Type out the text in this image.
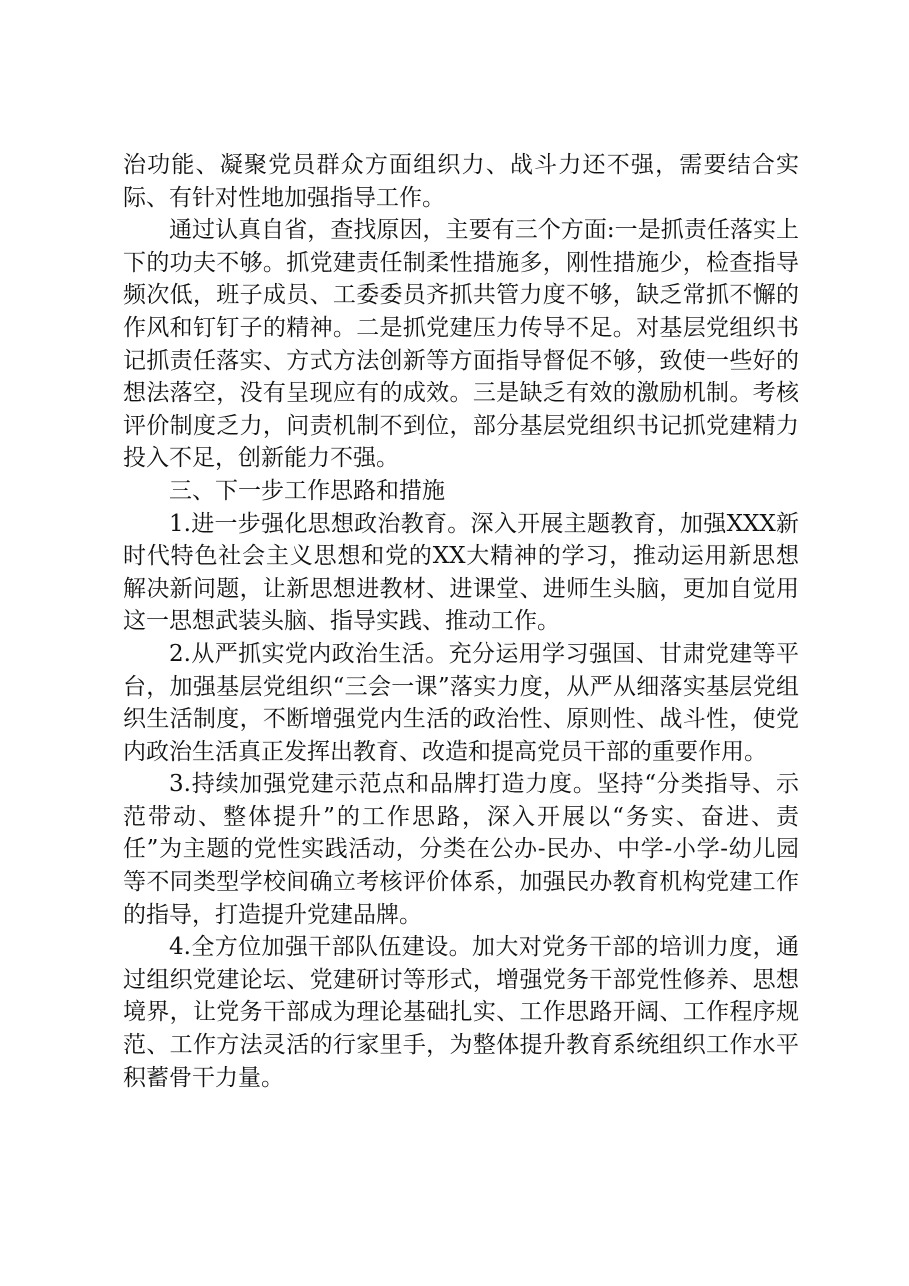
治功能、凝聚党员群众方面组织力、战斗力还不强，需要结合实际、有针对性地加强指导工作。

通过认真自省，查找原因，主要有三个方面:一是抓责任落实上下的功夫不够。抓党建责任制柔性措施多，刚性措施少，检查指导频次低，班子成员、工委委员齐抓共管力度不够，缺乏常抓不懈的作风和钉钉子的精神。二是抓党建压力传导不足。对基层党组织书记抓责任落实、方式方法创新等方面指导督促不够，致使一些好的想法落空，没有呈现应有的成效。三是缺乏有效的激励机制。考核评价制度乏力，问责机制不到位，部分基层党组织书记抓党建精力投入不足，创新能力不强。

三、下一步工作思路和措施

1.进一步强化思想政治教育。深入开展主题教育，加强XXX新时代特色社会主义思想和党的XX大精神的学习，推动运用新思想解决新问题，让新思想进教材、进课堂、进师生头脑，更加自觉用这一思想武装头脑、指导实践、推动工作。

2.从严抓实党内政治生活。充分运用学习强国、甘肃党建等平台，加强基层党组织“三会一课”落实力度，从严从细落实基层党组织生活制度，不断增强党内生活的政治性、原则性、战斗性，使党内政治生活真正发挥出教育、改造和提高党员干部的重要作用。

3.持续加强党建示范点和品牌打造力度。坚持“分类指导、示范带动、整体提升”的工作思路，深入开展以“务实、奋进、责任”为主题的党性实践活动，分类在公办-民办、中学-小学-幼儿园等不同类型学校间确立考核评价体系，加强民办教育机构党建工作的指导，打造提升党建品牌。

4.全方位加强干部队伍建设。加大对党务干部的培训力度，通过组织党建论坛、党建研讨等形式，增强党务干部党性修养、思想境界，让党务干部成为理论基础扎实、工作思路开阔、工作程序规范、工作方法灵活的行家里手，为整体提升教育系统组织工作水平积蓄骨干力量。
